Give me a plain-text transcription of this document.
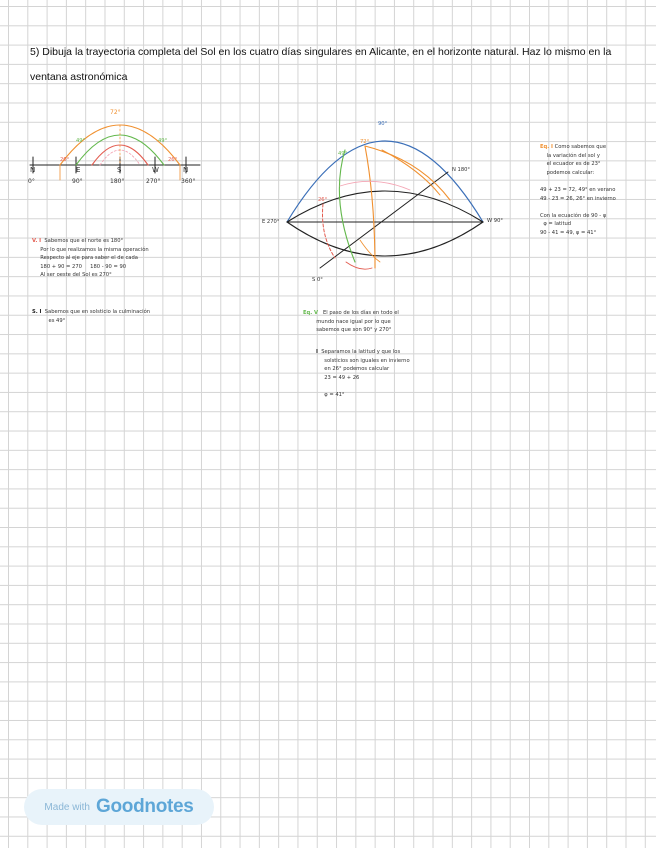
5) Dibuja la trayectoria completa del Sol en los cuatro días singulares en Alicante, en el horizonte natural. Haz lo mismo en la ventana astronómica
72°
49°	49°
26°	26°
N	E	S	W	N
0°	90°	180°	270°	360°
E 270°	W 90°
N 180°
S 0°
26°
49°
72°
90°
V. I Sabemos que el norte es 180°
Por lo que realizamos la misma operación
Respecto al eje para saber el de cada
180 + 90 = 270     180 - 90 = 90
Al ser oeste del Sol es 270°
S. I Sabemos que en solsticio la culminación
es 49°
Eq. I Como sabemos que
la variación del sol y
el ecuador es de 23°
podemos calcular:

49 + 23 = 72, 49° en verano
49 - 23 = 26, 26° en invierno

Con la ecuación de 90 - φ
φ = latitud
90 - 41 = 49, φ = 41°
Eq. V El paso de los días en todo el
mundo nace igual por lo que
sabemos que son 90° y 270°
I Separamos la latitud y que los
solsticios son iguales en invierno
en 26° podemos calcular
23 = 49 + 26

φ = 41°
Made with Goodnotes
